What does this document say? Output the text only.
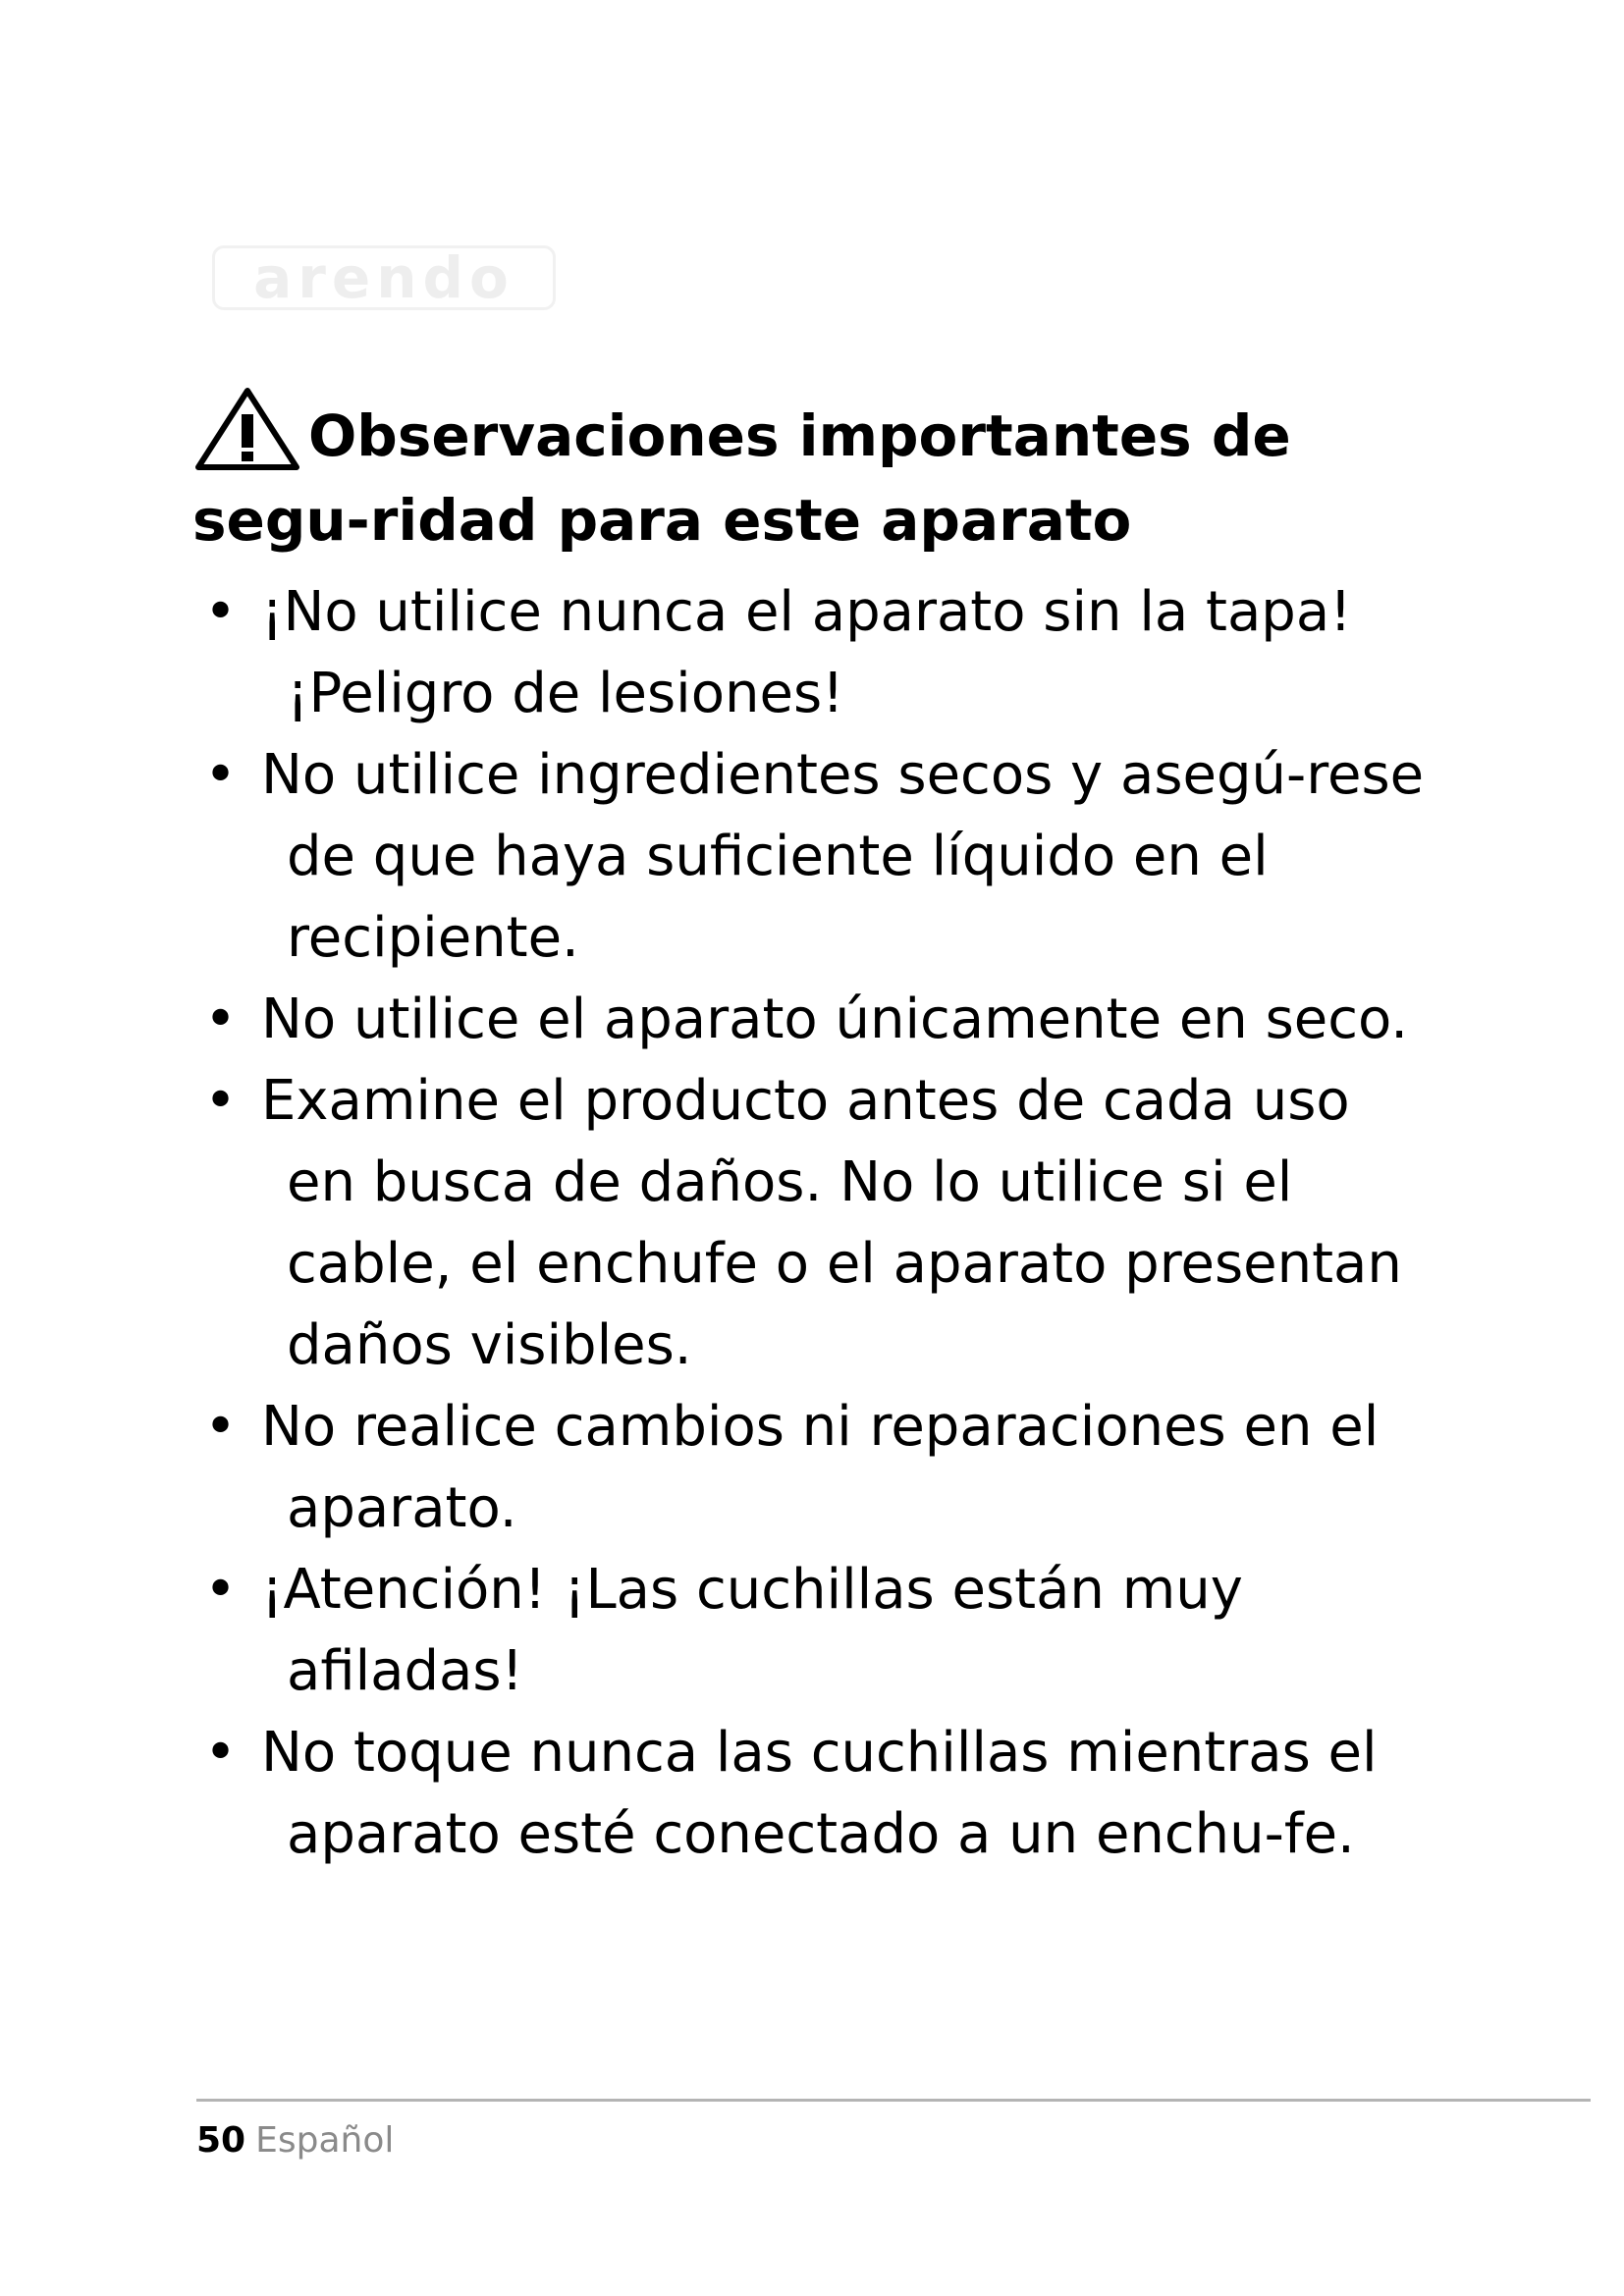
arendo
Observaciones importantes de segu-ridad para este aparato
• ¡No utilice nunca el aparato sin la tapa! ¡Peligro de lesiones!
• No utilice ingredientes secos y asegú-rese de que haya suficiente líquido en el recipiente.
• No utilice el aparato únicamente en seco.
• Examine el producto antes de cada uso en busca de daños. No lo utilice si el cable, el enchufe o el aparato presentan daños visibles.
• No realice cambios ni reparaciones en el aparato.
• ¡Atención! ¡Las cuchillas están muy afiladas!
• No toque nunca las cuchillas mientras el aparato esté conectado a un enchu-fe.
50 Español
